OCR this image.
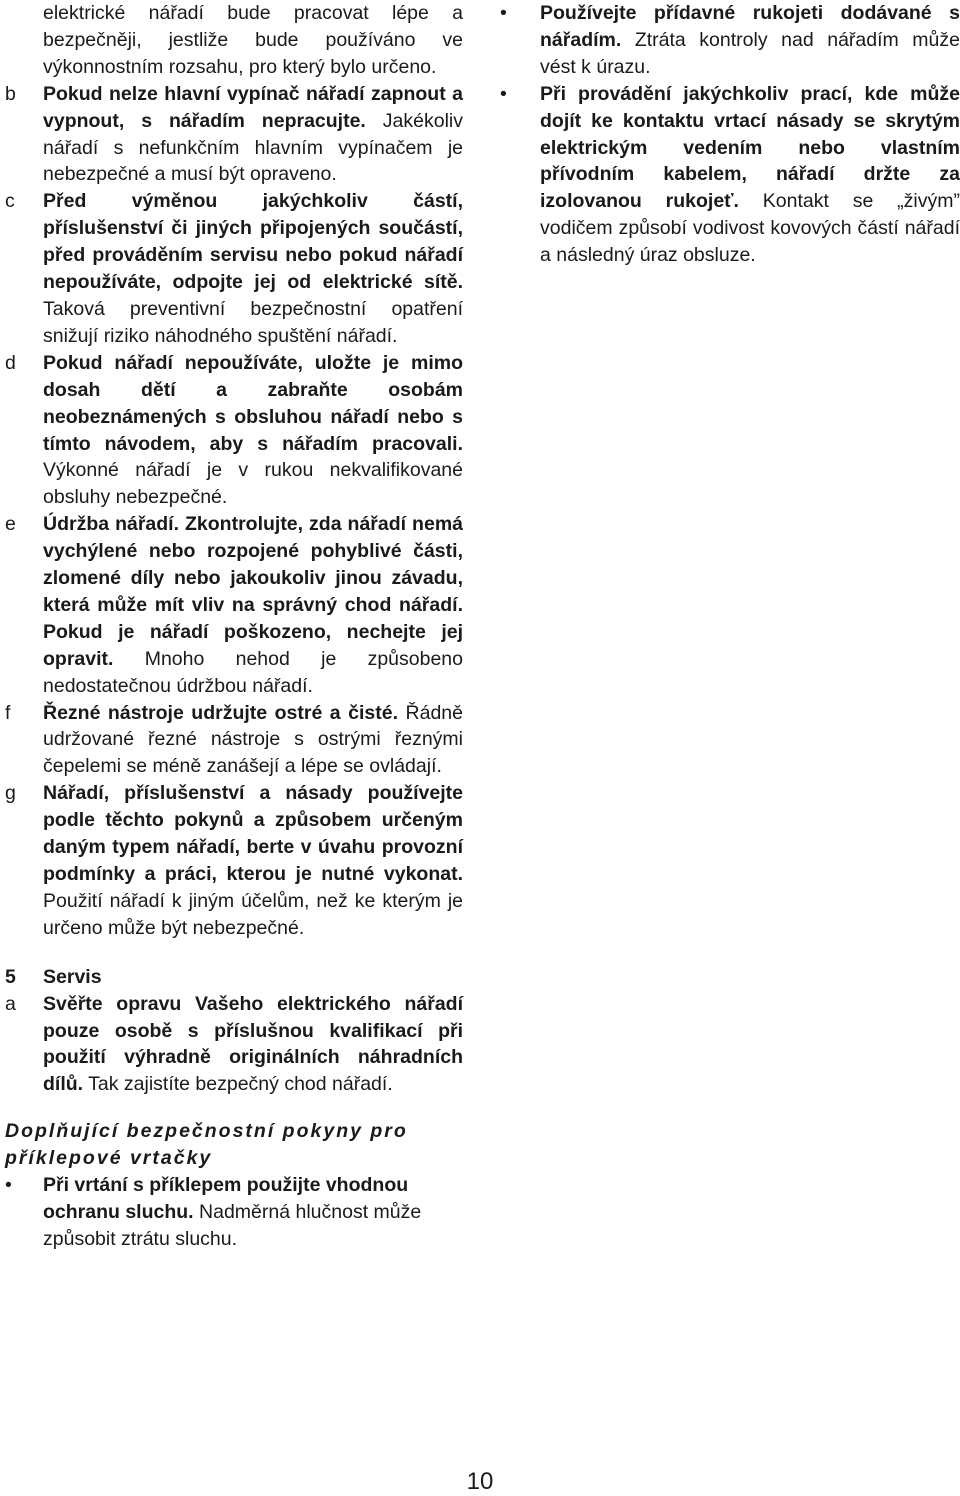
elektrické nářadí bude pracovat lépe a bezpečněji, jestliže bude používáno ve výkonnostním rozsahu, pro který bylo určeno.
b Pokud nelze hlavní vypínač nářadí zapnout a vypnout, s nářadím nepracujte. Jakékoliv nářadí s nefunkčním hlavním vypínačem je nebezpečné a musí být opraveno.
c Před výměnou jakýchkoliv částí, příslušenství či jiných připojených součástí, před prováděním servisu nebo pokud nářadí nepoužíváte, odpojte jej od elektrické sítě. Taková preventivní bezpečnostní opatření snižují riziko náhodného spuštění nářadí.
d Pokud nářadí nepoužíváte, uložte je mimo dosah dětí a zabraňte osobám neobeznámených s obsluhou nářadí nebo s tímto návodem, aby s nářadím pracovali. Výkonné nářadí je v rukou nekvalifikované obsluhy nebezpečné.
e Údržba nářadí. Zkontrolujte, zda nářadí nemá vychýlené nebo rozpojené pohyblivé části, zlomené díly nebo jakoukoliv jinou závadu, která může mít vliv na správný chod nářadí. Pokud je nářadí poškozeno, nechejte jej opravit. Mnoho nehod je způsobeno nedostatečnou údržbou nářadí.
f Řezné nástroje udržujte ostré a čisté. Řádně udržované řezné nástroje s ostrými řeznými čepelemi se méně zanášejí a lépe se ovládají.
g Nářadí, příslušenství a násady používejte podle těchto pokynů a způsobem určeným daným typem nářadí, berte v úvahu provozní podmínky a práci, kterou je nutné vykonat. Použití nářadí k jiným účelům, než ke kterým je určeno může být nebezpečné.
5 Servis
a Svěřte opravu Vašeho elektrického nářadí pouze osobě s příslušnou kvalifikací při použití výhradně originálních náhradních dílů. Tak zajistíte bezpečný chod nářadí.
Doplňující bezpečnostní pokyny pro příklepové vrtačky
• Při vrtání s příklepem použijte vhodnou ochranu sluchu. Nadměrná hlučnost může způsobit ztrátu sluchu.
• Používejte přídavné rukojeti dodávané s nářadím. Ztráta kontroly nad nářadím může vést k úrazu.
• Při provádění jakýchkoliv prací, kde může dojít ke kontaktu vrtací násady se skrytým elektrickým vedením nebo vlastním přívodním kabelem, nářadí držte za izolovanou rukojeť. Kontakt se „živým” vodičem způsobí vodivost kovových částí nářadí a následný úraz obsluze.
10
